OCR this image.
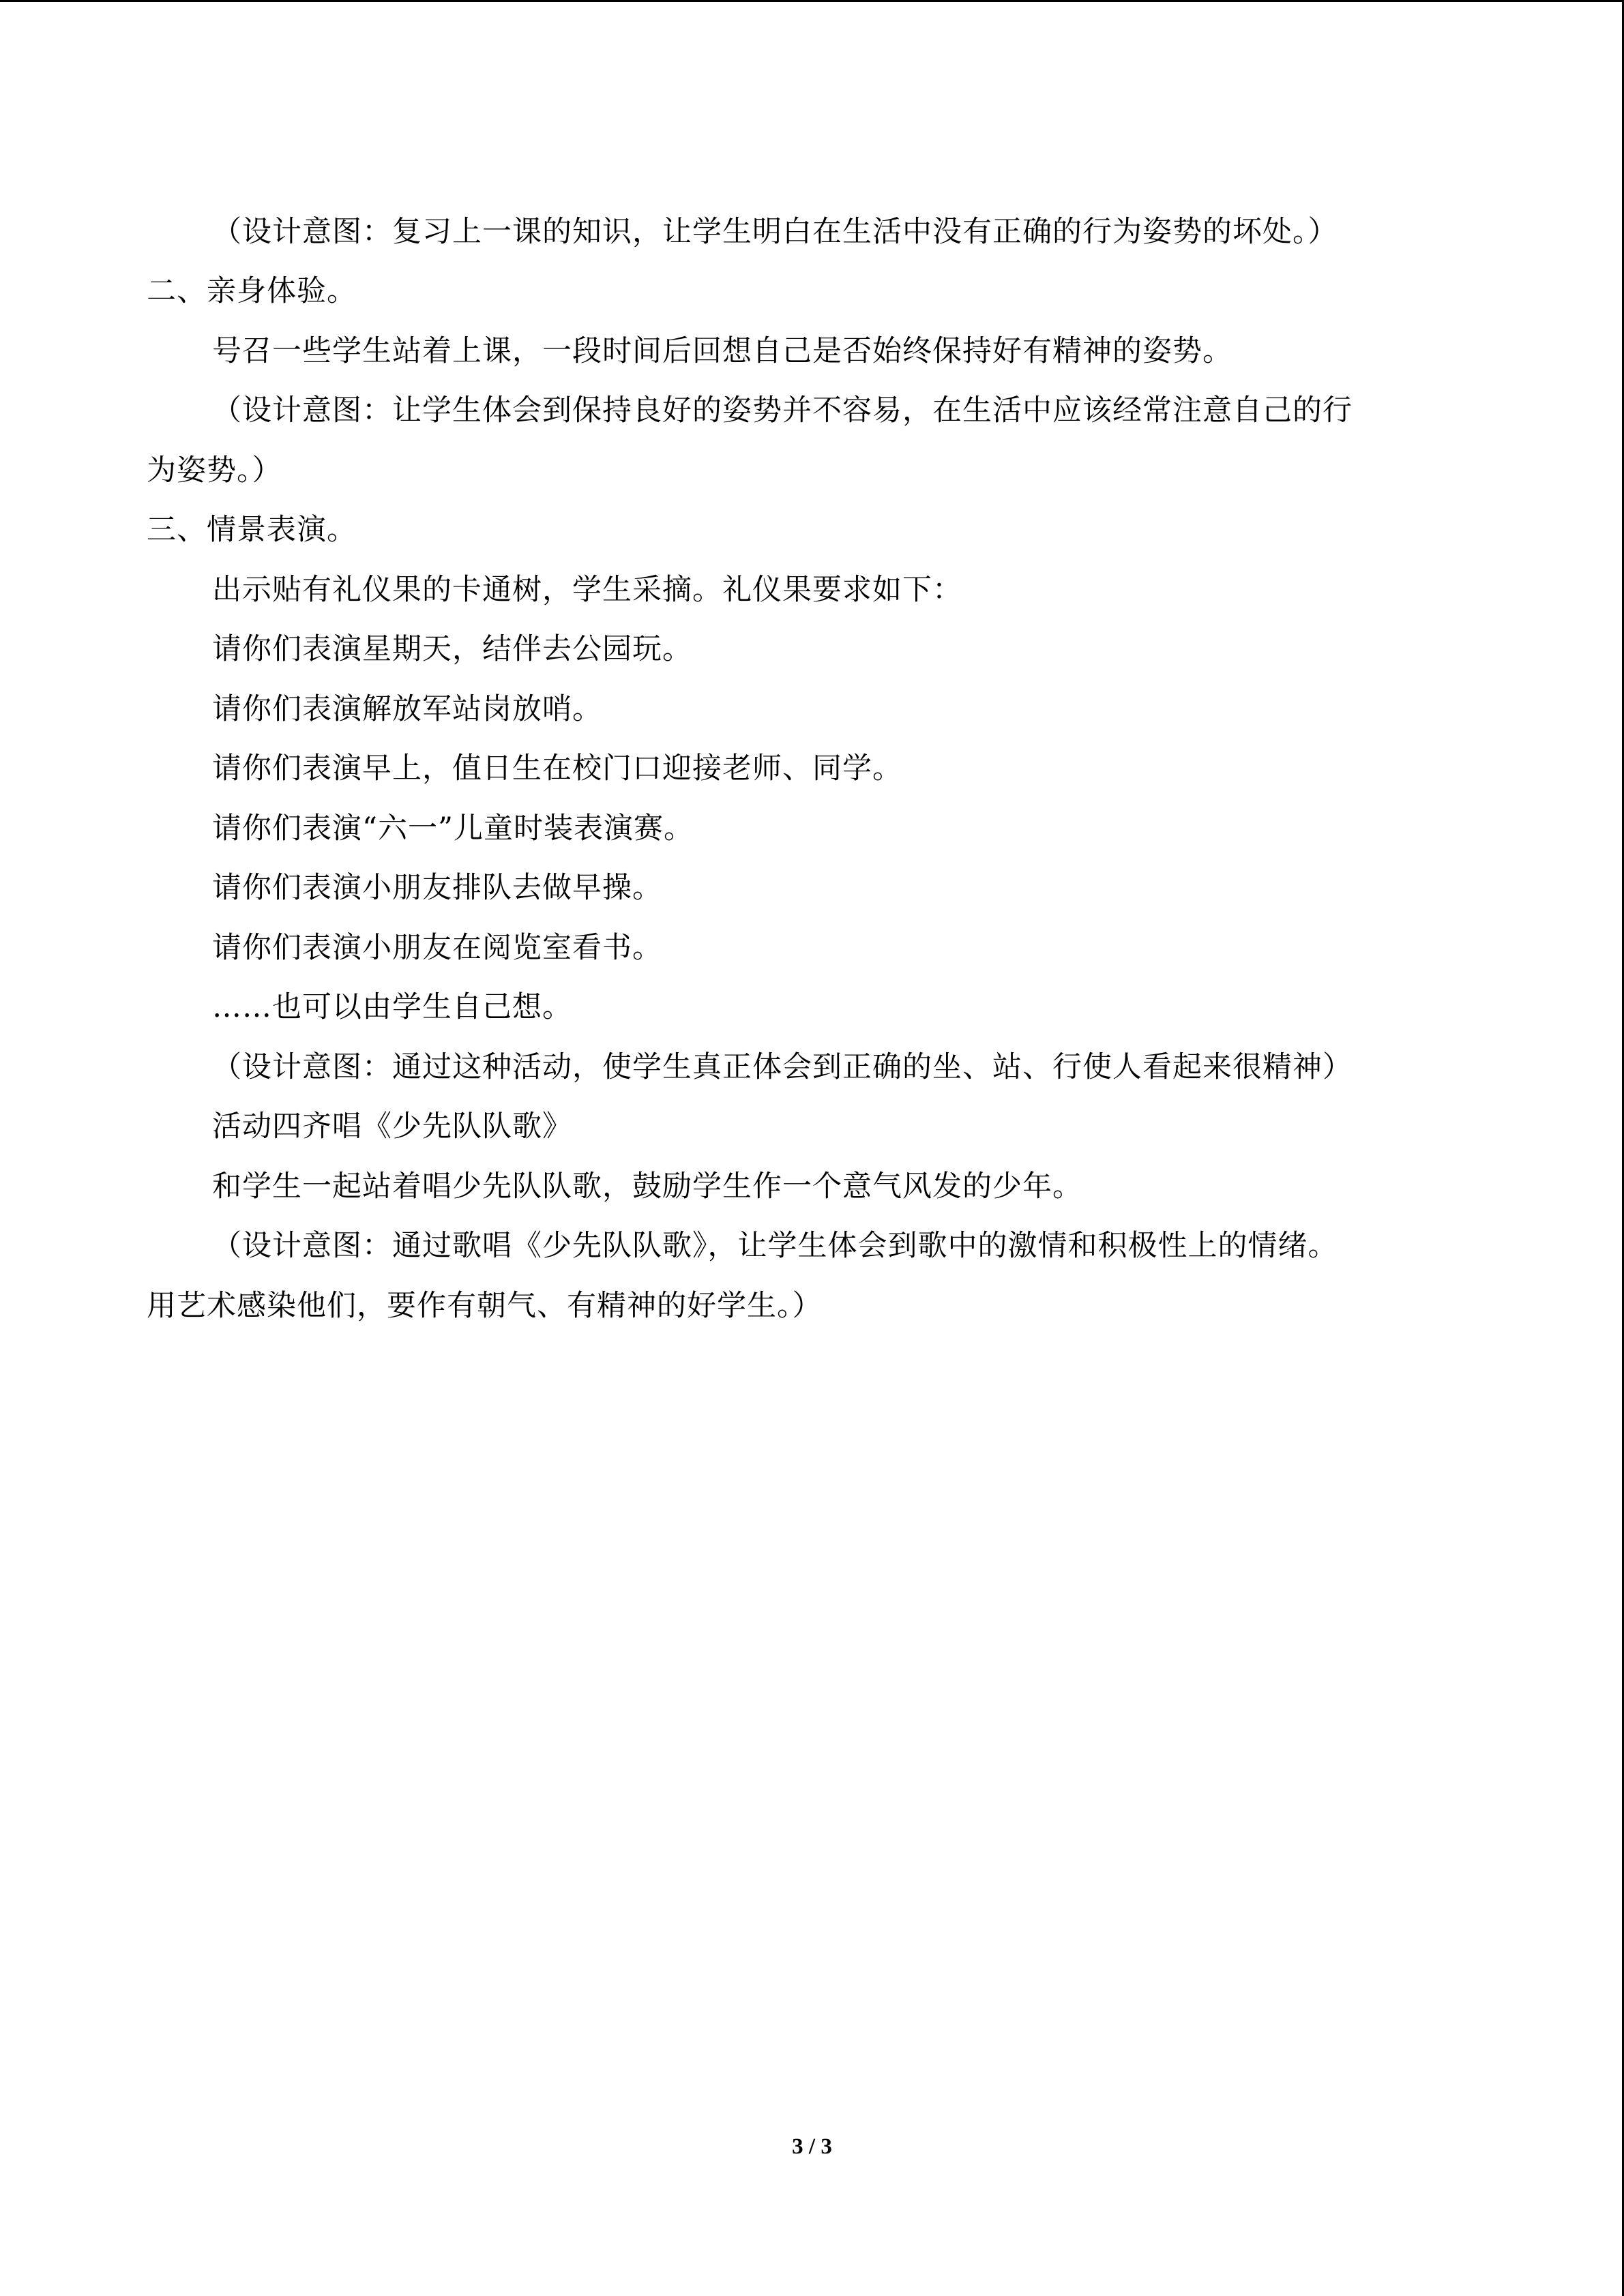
（设计意图：复习上一课的知识，让学生明白在生活中没有正确的行为姿势的坏处。）
二、亲身体验。
号召一些学生站着上课，一段时间后回想自己是否始终保持好有精神的姿势。
（设计意图：让学生体会到保持良好的姿势并不容易，在生活中应该经常注意自己的行
为姿势。）
三、情景表演。
出示贴有礼仪果的卡通树，学生采摘。礼仪果要求如下：
请你们表演星期天，结伴去公园玩。
请你们表演解放军站岗放哨。
请你们表演早上，值日生在校门口迎接老师、同学。
请你们表演“六一”儿童时装表演赛。
请你们表演小朋友排队去做早操。
请你们表演小朋友在阅览室看书。
……也可以由学生自己想。
（设计意图：通过这种活动，使学生真正体会到正确的坐、站、行使人看起来很精神）
活动四齐唱《少先队队歌》
和学生一起站着唱少先队队歌，鼓励学生作一个意气风发的少年。
（设计意图：通过歌唱《少先队队歌》，让学生体会到歌中的激情和积极性上的情绪。
用艺术感染他们，要作有朝气、有精神的好学生。）
3 / 3
